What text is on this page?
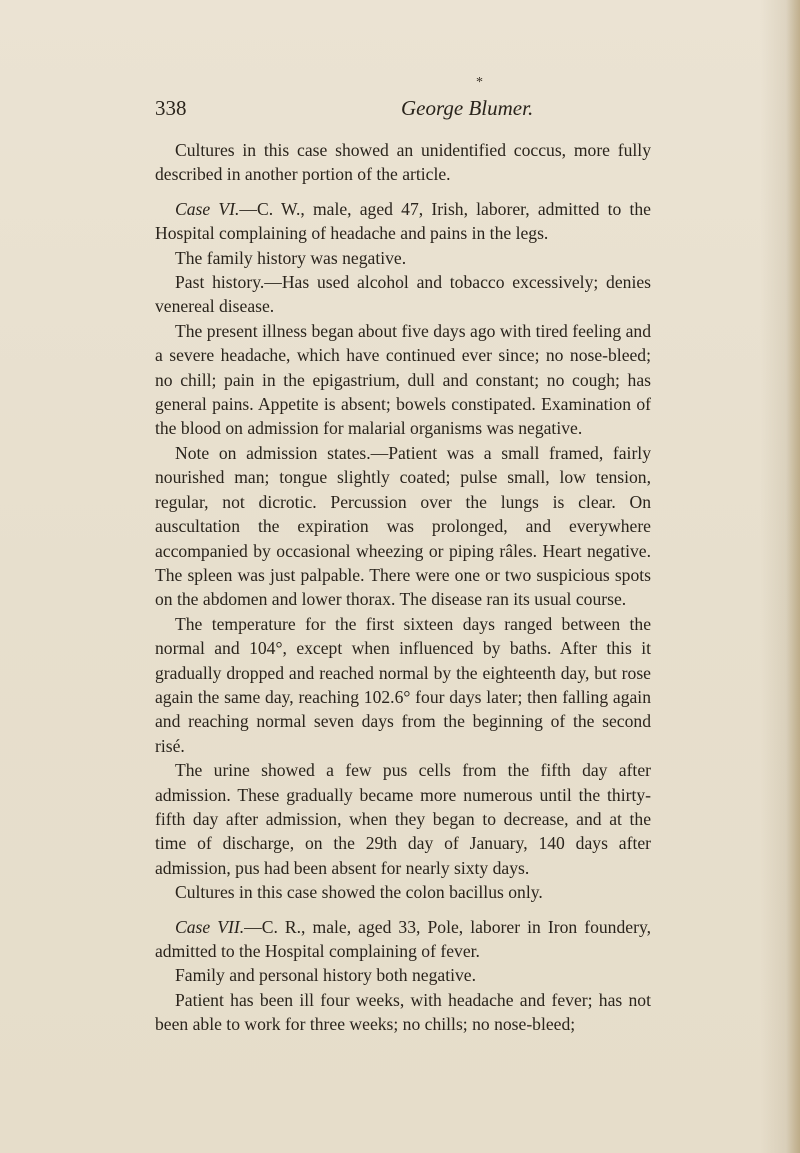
*
338	George Blumer.

Cultures in this case showed an unidentified coccus, more fully described in another portion of the article.

Case VI.—C. W., male, aged 47, Irish, laborer, admitted to the Hospital complaining of headache and pains in the legs.

The family history was negative.

Past history.—Has used alcohol and tobacco excessively; denies venereal disease.

The present illness began about five days ago with tired feeling and a severe headache, which have continued ever since; no nose-bleed; no chill; pain in the epigastrium, dull and constant; no cough; has general pains. Appetite is absent; bowels constipated. Examination of the blood on admission for malarial organisms was negative.

Note on admission states.—Patient was a small framed, fairly nourished man; tongue slightly coated; pulse small, low tension, regular, not dicrotic. Percussion over the lungs is clear. On auscultation the expiration was prolonged, and everywhere accompanied by occasional wheezing or piping râles. Heart negative. The spleen was just palpable. There were one or two suspicious spots on the abdomen and lower thorax. The disease ran its usual course.

The temperature for the first sixteen days ranged between the normal and 104°, except when influenced by baths. After this it gradually dropped and reached normal by the eighteenth day, but rose again the same day, reaching 102.6° four days later; then falling again and reaching normal seven days from the beginning of the second risé.

The urine showed a few pus cells from the fifth day after admission. These gradually became more numerous until the thirty-fifth day after admission, when they began to decrease, and at the time of discharge, on the 29th day of January, 140 days after admission, pus had been absent for nearly sixty days.

Cultures in this case showed the colon bacillus only.

Case VII.—C. R., male, aged 33, Pole, laborer in Iron foundery, admitted to the Hospital complaining of fever.

Family and personal history both negative.

Patient has been ill four weeks, with headache and fever; has not been able to work for three weeks; no chills; no nose-bleed;
